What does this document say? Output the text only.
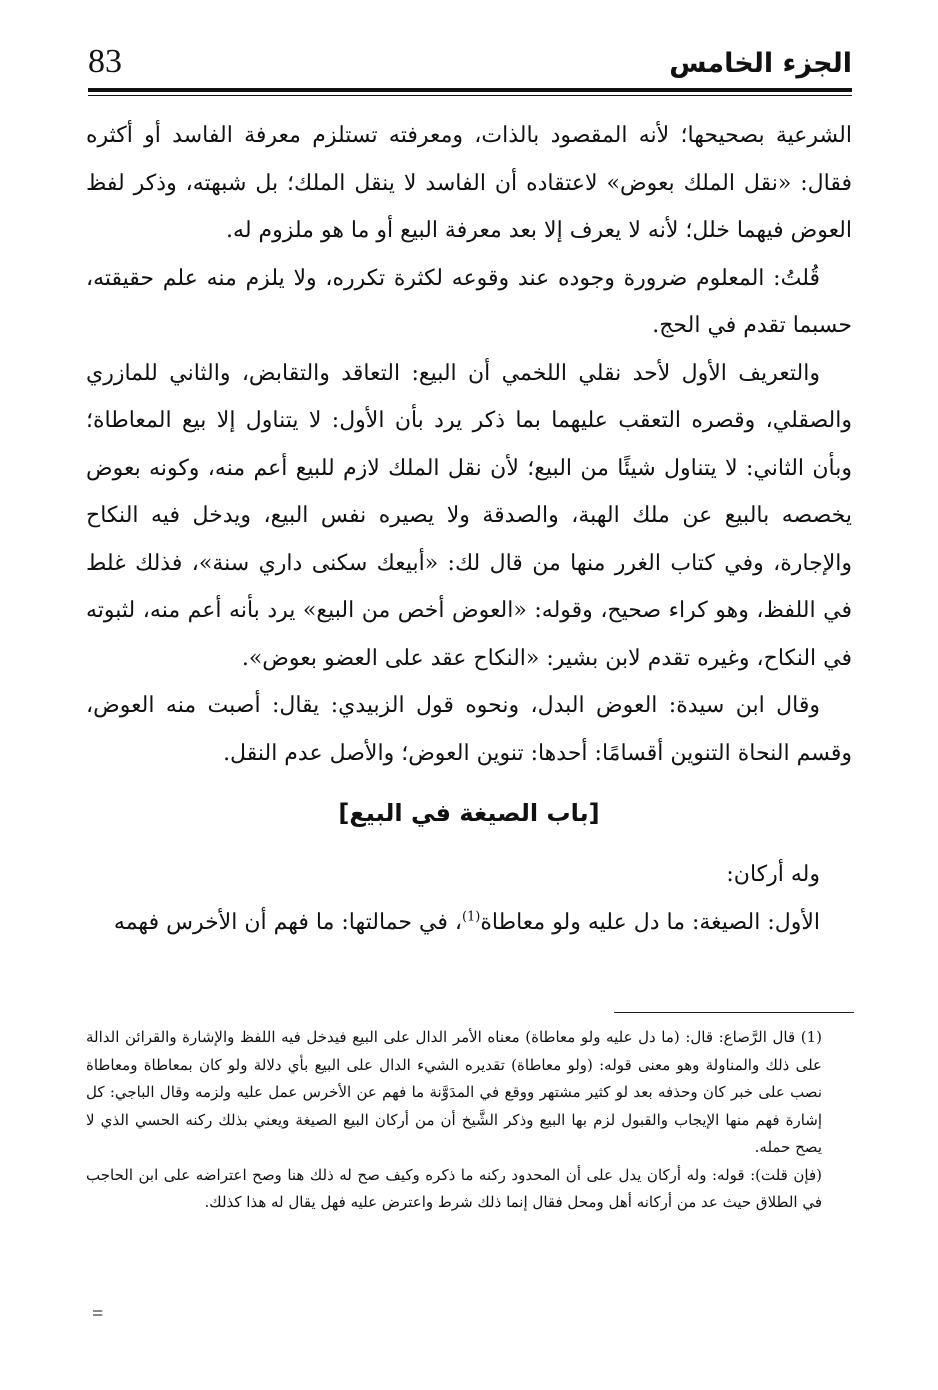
83	الجزء الخامس

الشرعية بصحيحها؛ لأنه المقصود بالذات، ومعرفته تستلزم معرفة الفاسد أو أكثره فقال: «نقل الملك بعوض» لاعتقاده أن الفاسد لا ينقل الملك؛ بل شبهته، وذكر لفظ العوض فيهما خلل؛ لأنه لا يعرف إلا بعد معرفة البيع أو ما هو ملزوم له.

قُلتُ: المعلوم ضرورة وجوده عند وقوعه لكثرة تكرره، ولا يلزم منه علم حقيقته، حسبما تقدم في الحج.

والتعريف الأول لأحد نقلي اللخمي أن البيع: التعاقد والتقابض، والثاني للمازري والصقلي، وقصره التعقب عليهما بما ذكر يرد بأن الأول: لا يتناول إلا بيع المعاطاة؛ وبأن الثاني: لا يتناول شيئًا من البيع؛ لأن نقل الملك لازم للبيع أعم منه، وكونه بعوض يخصصه بالبيع عن ملك الهبة، والصدقة ولا يصيره نفس البيع، ويدخل فيه النكاح والإجارة، وفي كتاب الغرر منها من قال لك: «أبيعك سكنى داري سنة»، فذلك غلط في اللفظ، وهو كراء صحيح، وقوله: «العوض أخص من البيع» يرد بأنه أعم منه، لثبوته في النكاح، وغيره تقدم لابن بشير: «النكاح عقد على العضو بعوض».

وقال ابن سيدة: العوض البدل، ونحوه قول الزبيدي: يقال: أصبت منه العوض، وقسم النحاة التنوين أقسامًا: أحدها: تنوين العوض؛ والأصل عدم النقل.

[باب الصيغة في البيع]

وله أركان:

الأول: الصيغة: ما دل عليه ولو معاطاة$^{(1)}$، في حمالتها: ما فهم أن الأخرس فهمه

(1) قال الرَّصاع: قال: (ما دل عليه ولو معاطاة) معناه الأمر الدال على البيع فيدخل فيه اللفظ والإشارة والقرائن الدالة على ذلك والمناولة وهو معنى قوله: (ولو معاطاة) تقديره الشيء الدال على البيع بأي دلالة ولو كان بمعاطاة ومعاطاة نصب على خبر كان وحذفه بعد لو كثير مشتهر ووقع في المدَوَّنة ما فهم عن الأخرس عمل عليه ولزمه وقال الباجي: كل إشارة فهم منها الإيجاب والقبول لزم بها البيع وذكر الشَّيخ أن من أركان البيع الصيغة ويعني بذلك ركنه الحسي الذي لا يصح حمله.

(فإن قلت): قوله: وله أركان يدل على أن المحدود ركنه ما ذكره وكيف صح له ذلك هنا وصح اعتراضه على ابن الحاجب في الطلاق حيث عد من أركانه أهل ومحل فقال إنما ذلك شرط واعترض عليه فهل يقال له هذا كذلك.

=
